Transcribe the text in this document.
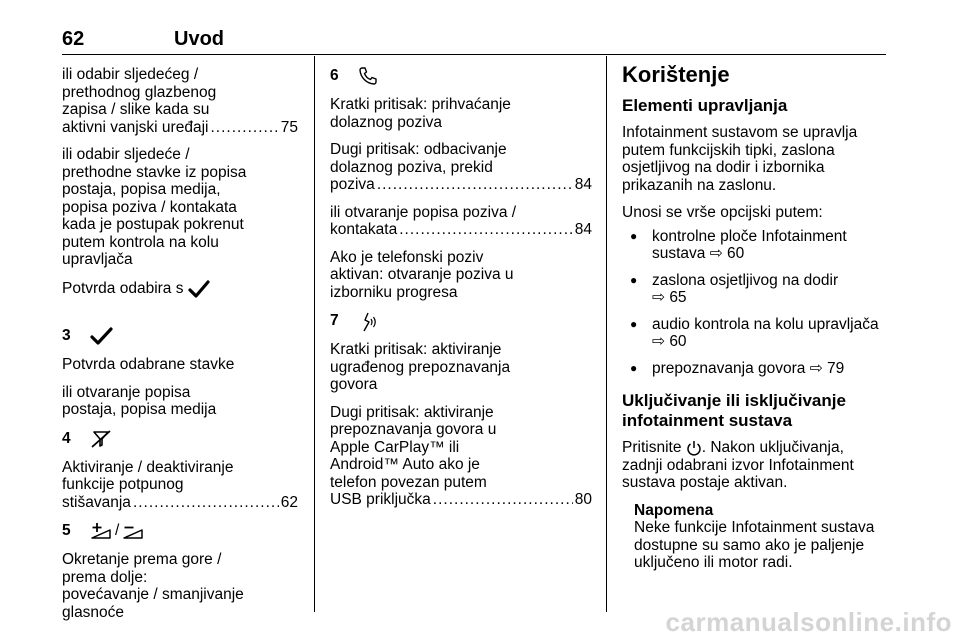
62	Uvod

ili odabir sljedećeg /
prethodnog glazbenog
zapisa / slike kada su

aktivni vanjski uređaji .....	75

ili odabir sljedeće /
prethodne stavke iz popisa
postaja, popisa medija,
popisa poziva / kontakata
kada je postupak pokrenut
putem kontrola na kolu
upravljača

Potvrda odabira s

3

Potvrda odabrane stavke

ili otvaranje popisa
postaja, popisa medija

4

Aktiviranje / deaktiviranje
funkcije potpunog

stišavanja .....	62

5	/

Okretanje prema gore /
prema dolje:
povećavanje / smanjivanje
glasnoće

6

Kratki pritisak: prihvaćanje
dolaznog poziva

Dugi pritisak: odbacivanje
dolaznog poziva, prekid

poziva .....	84

ili otvaranje popisa poziva /

kontakata .....	84

Ako je telefonski poziv
aktivan: otvaranje poziva u
izborniku progresa

7

Kratki pritisak: aktiviranje
ugrađenog prepoznavanja
govora

Dugi pritisak: aktiviranje
prepoznavanja govora u
Apple CarPlay™ ili
Android™ Auto ako je
telefon povezan putem

USB priključka .....	80

Korištenje
Elementi upravljanja

Infotainment sustavom se upravlja
putem funkcijskih tipki, zaslona
osjetljivog na dodir i izbornika
prikazanih na zaslonu.

Unosi se vrše opcijski putem:

● kontrolne ploče Infotainment
sustava ⇨ 60
● zaslona osjetljivog na dodir
⇨ 65
● audio kontrola na kolu upravljača
⇨ 60
● prepoznavanja govora ⇨ 79
Uključivanje ili isključivanje
infotainment sustava

Pritisnite . Nakon uključivanja,
zadnji odabrani izvor Infotainment
sustava postaje aktivan.

Napomena
Neke funkcije Infotainment sustava
dostupne su samo ako je paljenje
uključeno ili motor radi.
carmanualsonline.info
